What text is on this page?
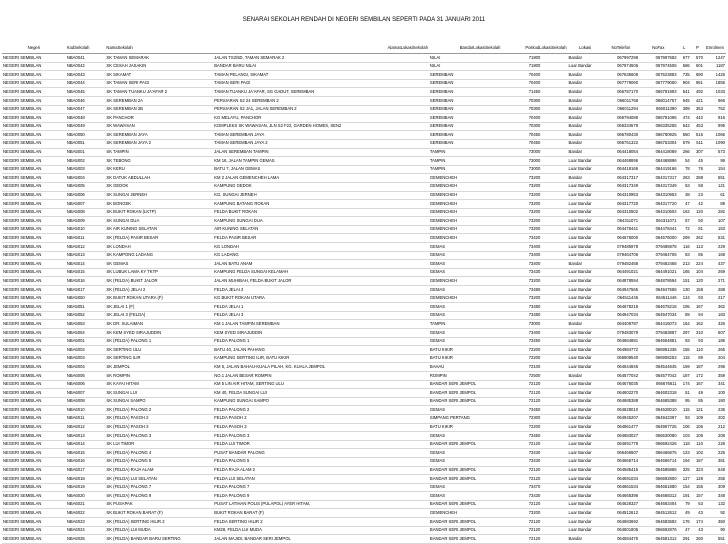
SENARAI SEKOLAH RENDAH DI NEGERI SEMBILAN SEPERTI PADA 31 JANUARI 2011
Negeri	KodSekolah	NamaSekolah	AlamatLokasiSekolah	BandarLokasiSekolah	PoskodLokasiSekolah	Lokasi	NoTelefon	NoFax	L	P	Enrolmen
NEGERI SEMBILAN	NBA0041	SK TAMAN SEMARAK	JALAN TS2/5D, TAMAN SEMARAK 2	NILAI	71800	Bandar	067997298	067997682	677	570	1247
NEGERI SEMBILAN	NBA0042	SK CESAH JASAKIN	BANDAR BARU NILAI	NILAI	71800	Luar Bandar	067974506	067974506	586	601	1187
NEGERI SEMBILAN	NBA0043	SK SIKAMAT	TAMAN PELANGI, SIKAMAT	SEREMBAN	70400	Bandar	067635608	067623883	735	690	1425
NEGERI SEMBILAN	NBA0044	SK TAMAN SERI PAGI	TAMAN SERI PAGI	SEREMBAN	70400	Bandar	067779060	067779060	904	951	1855
NEGERI SEMBILAN	NBA0045	SK TAMAN TUANKU JA'AFAR 2	TAMAN TUANKU JA'AFAR, SG GADUT, SEREMBAN	SEREMBAN	71450	Bandar	066787170	066791993	541	492	1033
NEGERI SEMBILAN	NBA0046	SK SEREMBAN 2A	PERSIARAN S2 24 SEREMBAN 2	SEREMBAN	70300	Bandar	066011768	066014757	545	421	966
NEGERI SEMBILAN	NBA0047	SK SEREMBAN 2B	PERSIARAN S2 JA1, JALAN SEREMBAN 2	SEREMBAN	70300	Bandar	066011294	066011390	399	353	752
NEGERI SEMBILAN	NBA0048	SK PANCHOR	KG MELAYU, PANCHOR	SEREMBAN	70400	Bandar	066794088	066791096	474	442	916
NEGERI SEMBILAN	NBA0049	SK WAWASAN	KOMPLEKS SK WAWASAN, JLN S2 F22, GARDEN HOMES, SEN2	SEREMBAN	70300	Bandar	066334578	066335255	542	453	995
NEGERI SEMBILAN	NBA0050	SK SEREMBAN JAYA	TAMAN SEREMBAN JAYA	SEREMBAN	70450	Bandar	066780430	066780925	550	516	1066
NEGERI SEMBILAN	NBA0051	SK SEREMBAN JAYA 2	TAMAN SEREMBAN JAYA 2	SEREMBAN	70450	Bandar	066751322	066753304	579	511	1090
NEGERI SEMBILAN	NBA5001	SK TAMPIN	JALAN SEREMBAN TAMPIN	TAMPIN	73000	Bandar	064418054	064418089	266	307	573
NEGERI SEMBILAN	NBA5002	SK TEBONG	KM 16, JALAN TAMPIN GEMAS	TAMPIN	73000	Luar Bandar	064468896	064468896	54	45	99
NEGERI SEMBILAN	NBA5003	SK KERU	BATU 7, JALAN GEMAS	TAMPIN	73000	Luar Bandar	064419166	064419166	78	76	154
NEGERI SEMBILAN	NBA5004	SK DATUK ABDULLAH	KM 2 JALAN GEMENCHEH LAMA	GEMENCHEH	73200	Bandar	064317317	064317317	263	288	551
NEGERI SEMBILAN	NBA5005	SK GEDOK	KAMPUNG GEDOK	GEMENCHEH	73200	Luar Bandar	064317349	064317349	63	58	121
NEGERI SEMBILAN	NBA5006	SK SUNGAI JERNEH	KG. SUNGAI JERNEH	GEMENCHEH	73200	Luar Bandar	064310953	064310953	38	23	61
NEGERI SEMBILAN	NBA5007	SK BONGEK	KAMPUNG BATANG ROKAN	GEMENCHEH	73200	Luar Bandar	064317720	064317720	47	42	89
NEGERI SEMBILAN	NBA5008	SK BUKIT ROKAN (LKTP)	FELDA BUKIT ROKAN	GEMENCHEH	73200	Luar Bandar	064310502	064310502	162	120	282
NEGERI SEMBILAN	NBA5009	SK SUNGAI DUA	KAMPUNG SUNGAI DUA	GEMENCHEH	73200	Luar Bandar	064311071	064311071	57	50	107
NEGERI SEMBILAN	NBA5010	SK AIR KUNING SELATAN	AIR KUNING SELATAN	GEMENCHEH	73200	Luar Bandar	064478441	064478441	72	81	153
NEGERI SEMBILAN	NBA5011	SK (FELDA) PASIR BESAR	FELDA PASIR BESAR	GEMENCHEH	73420	Luar Bandar	064676000	064676000	269	262	531
NEGERI SEMBILAN	NBA5012	SK LONDAH	KG LONDAH	GEMAS	73400	Luar Bandar	079485978	079485978	116	113	229
NEGERI SEMBILAN	NBA5013	SK KAMPONG LADANG	KG LADANG	GEMAS	73400	Luar Bandar	079464706	079464706	83	85	168
NEGERI SEMBILAN	NBA5014	SK GEMAS	JALAN BATU ANAM	GEMAS	73400	Bandar	079482468	079482468	213	224	437
NEGERI SEMBILAN	NBA5015	SK LUBUK LAMA KY TKTP	KAMPUNG FELDA SUNGAI KELAMAH	GEMAS	73430	Luar Bandar	064491021	064491021	165	104	269
NEGERI SEMBILAN	NBA5016	SK (FELDA) BUKIT JALOR	JALAN MUHIBAH, FELDA BUKIT JALOR	GEMENCHEH	73200	Luar Bandar	064878594	064878594	151	120	271
NEGERI SEMBILAN	NBA5017	SK (FELDA) JELAI 2	FELDA JELAI 2	GEMAS	73480	Luar Bandar	064947565	064947565	130	158	288
NEGERI SEMBILAN	NBA5050	SK BUKIT ROKAN UTARA (F)	KG BUKIT ROKAN UTARA	GEMENCHEH	73200	Luar Bandar	064511446	064511446	124	93	217
NEGERI SEMBILAN	NBA5051	SK JELAI 1 (F)	FELDA JELAI 1	GEMAS	73480	Luar Bandar	064678218	064678218	195	167	362
NEGERI SEMBILAN	NBA5052	SK JELAI 3 (FELDA)	FELDA JELAI 3	GEMAS	73480	Luar Bandar	064947034	064947034	89	94	183
NEGERI SEMBILAN	NBA5053	SK DR. SULAIMAN	KM 1 JALAN TAMPIN SEREMBAN	TAMPIN	73000	Bandar	064409787	064416073	164	162	326
NEGERI SEMBILAN	NBA5054	SK KEM SYED SIRAJUDDIN	KEM SYED SIRAJUDDIN	GEMAS	73400	Luar Bandar	079483079	079483887	297	310	607
NEGERI SEMBILAN	NBA6001	SK (FELDA) PALONG 1	FELDA PALONG 1	GEMAS	73450	Luar Bandar	064664881	064664881	93	93	186
NEGERI SEMBILAN	NBA6002	SK SERTING ULU	BATU 40, JALAN PAHANG	BATU KIKIR	72200	Luar Bandar	064984772	066981336	155	110	265
NEGERI SEMBILAN	NBA6003	SK SERTING ILIR	KAMPUNG SERTING ILIR, BATU KIKIR	BATU KIKIR	72200	Luar Bandar	066908540	066908253	115	89	204
NEGERI SEMBILAN	NBA6004	SK JEMPOL	KM 5, JALAN BAHAU-KUALA PILAH, KG. KUALA JEMPOL	BAHAU	72100	Luar Bandar	064544845	064544845	159	187	296
NEGERI SEMBILAN	NBA6005	SK ROMPIN	NO.1 JALAN BESAR ROMPIN	ROMPIN	72500	Bandar	064577042	064577042	187	172	359
NEGERI SEMBILAN	NBA6006	SK KAYAI HITAM	KM 5 LIN AIR HITAM, SERTING ULU	BANDAR SERI JEMPOL	72120	Luar Bandar	064676035	066676611	174	167	341
NEGERI SEMBILAN	NBA6007	SK SUNGAI LUI	KM 40, FELDA SUNGAI LUI	BANDAR SERI JEMPOL	72120	Luar Bandar	064602270	064602318	51	49	100
NEGERI SEMBILAN	NBA6008	SK SUNGAI SAMPO	KAMPUNG SUNGAI SAMPO	BANDAR SERI JEMPOL	72120	Luar Bandar	064685388	064685388	95	85	180
NEGERI SEMBILAN	NBA6010	SK (FELDA) PALONG 2	FELDA PALONG 2	GEMAS	73450	Luar Bandar	064628010	064628010	115	121	236
NEGERI SEMBILAN	NBA6011	SK (FELDA) PASOH 2	FELDA PASOH 2	SIMPANG PERTANG	72300	Luar Bandar	064945207	064942397	93	109	202
NEGERI SEMBILAN	NBA6012	SK (FELDA) PASOH 3	FELDA PASOH 3	BATU KIKIR	72200	Luar Bandar	064961477	064967725	106	106	212
NEGERI SEMBILAN	NBA6013	SK (FELDA) PALONG 3	FELDA PALONG 3	GEMAS	73450	Luar Bandar	064683027	066630080	103	105	208
NEGERI SEMBILAN	NBA6014	SK LUI TIMOR	FELDA LUI TIMOR	BANDAR SERI JEMPOL	72120	Luar Bandar	064691778	066692426	118	110	228
NEGERI SEMBILAN	NBA6015	SK (FELDA) PALONG 4	PUSAT BANDAR PALONG	GEMAS	73430	Luar Bandar	066466507	066466875	123	102	225
NEGERI SEMBILAN	NBA6016	SK (FELDA) PALONG 5	FELDA PALONG 5	GEMAS	73430	Luar Bandar	064666714	064666714	194	187	381
NEGERI SEMBILAN	NBA6017	SK (FELDA) RAJA ALAM	FELDA RAJA ALAM 2	BANDAR SERI JEMPOL	72120	Luar Bandar	064585415	064585865	325	323	648
NEGERI SEMBILAN	NBA6018	SK (FELDA) LUI SELATAN	FELDA LUI SELATAN	BANDAR SERI JEMPOL	72120	Luar Bandar	064691034	066692800	127	128	255
NEGERI SEMBILAN	NBA6019	SK (FELDA) PALONG 7	FELDA PALONG 7	GEMAS	73470	Luar Bandar	064661534	064661880	154	155	309
NEGERI SEMBILAN	NBA6020	SK (FELDA) PALONG 9	FELDA PALONG 9	GEMAS	73430	Luar Bandar	064668396	064668312	191	157	348
NEGERI SEMBILAN	NBA6021	SK PUSAPAK	PUSAT LATIHAN POLIS (PULAPOL) AYER HITAM,	BANDAR SERI JEMPOL	72120	Luar Bandar	064626327	064683404	79	53	132
NEGERI SEMBILAN	NBA6022	SK BUKIT ROKAN BARAT (F)	BUKIT ROKAN BARAT (F)	GEMENCHEH	73200	Luar Bandar	064512612	064512612	49	43	92
NEGERI SEMBILAN	NBA6023	SK (FELDA) SERTING HILIR 2	FELDA SERTING HILIR 2	BANDAR SERI JEMPOL	72120	Luar Bandar	064683692	064683692	176	174	350
NEGERI SEMBILAN	NBA6024	SK (FELDA) LUI MUDA	KM28, FELDA LUI MUDA	BANDAR SERI JEMPOL	72120	Luar Bandar	064601806	066692876	47	43	90
NEGERI SEMBILAN	NBA6025	SK (FELDA) BANDAR BARU SERTING	JALAN MAJIDI, BANDAR SERI JEMPOL	BANDAR SERI JEMPOL	72120	Bandar	064584475	064581312	291	260	551
